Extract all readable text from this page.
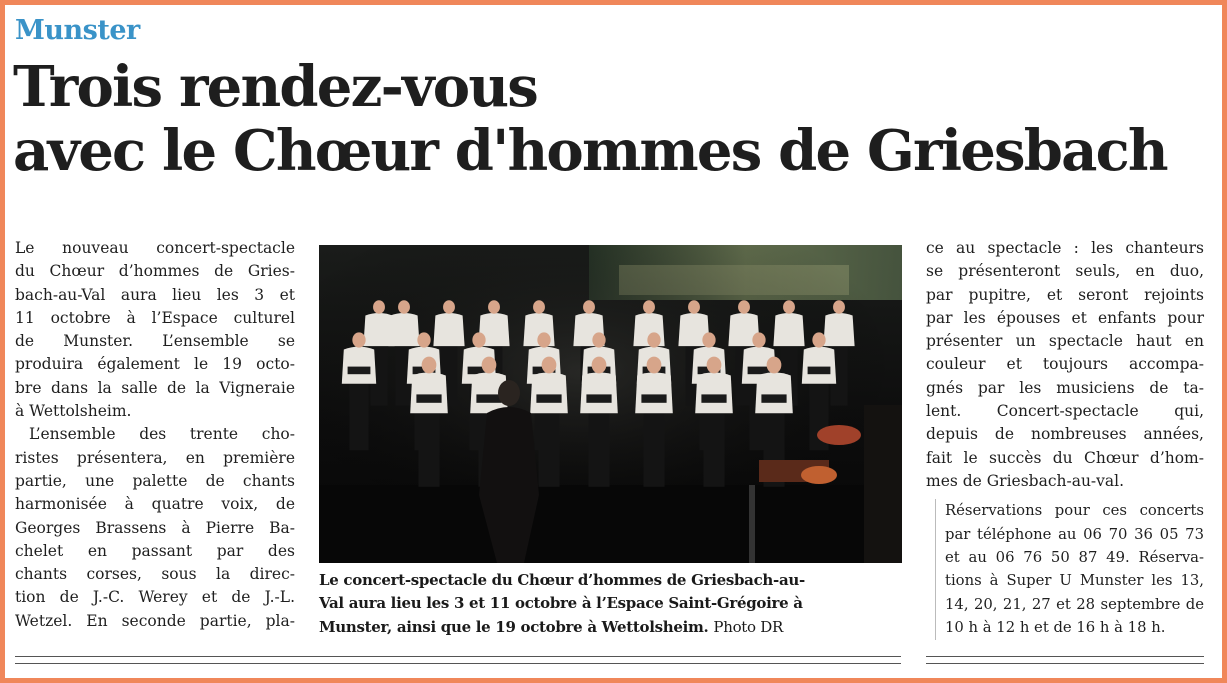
Munster
Trois rendez-vous
avec le Chœur d'hommes de Griesbach

Le nouveau concert-spectacle

du Chœur d’hommes de Gries-

bach-au-Val aura lieu les 3 et

11 octobre à l’Espace culturel

de Munster. L’ensemble se

produira également le 19 octo-

bre dans la salle de la Vigneraie

à Wettolsheim.

L’ensemble des trente cho-

ristes présentera, en première

partie, une palette de chants

harmonisée à quatre voix, de

Georges Brassens à Pierre Ba-

chelet en passant par des

chants corses, sous la direc-

tion de J.-C. Werey et de J.-L.

Wetzel. En seconde partie, pla-

Le concert-spectacle du Chœur d’hommes de Griesbach-au-
Val aura lieu les 3 et 11 octobre à l’Espace Saint-Grégoire à
Munster, ainsi que le 19 octobre à Wettolsheim. Photo DR

ce au spectacle : les chanteurs

se présenteront seuls, en duo,

par pupitre, et seront rejoints

par les épouses et enfants pour

présenter un spectacle haut en

couleur et toujours accompa-

gnés par les musiciens de ta-

lent. Concert-spectacle qui,

depuis de nombreuses années,

fait le succès du Chœur d’hom-

mes de Griesbach-au-val.

Réservations pour ces concerts

par téléphone au 06 70 36 05 73

et au 06 76 50 87 49. Réserva-

tions à Super U Munster les 13,

14, 20, 21, 27 et 28 septembre de

10 h à 12 h et de 16 h à 18 h.
